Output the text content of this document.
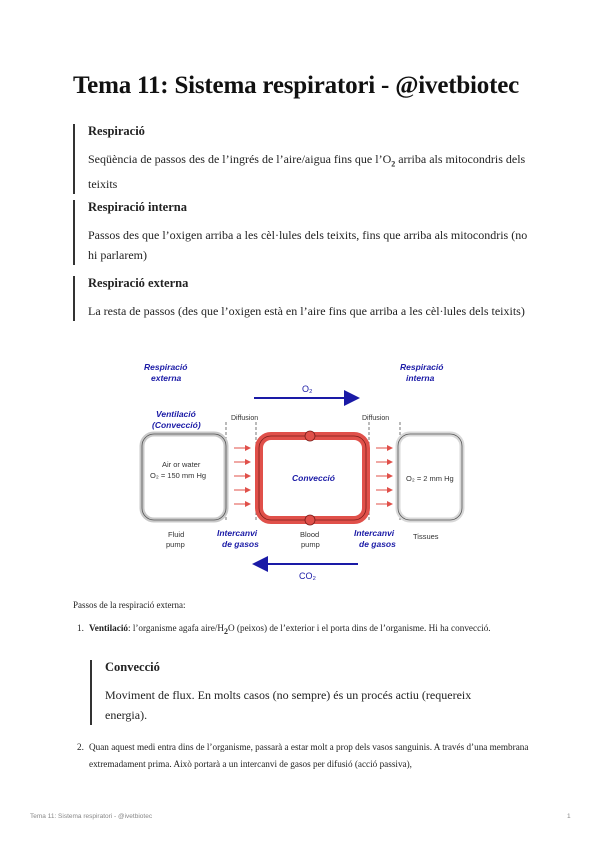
Tema 11: Sistema respiratori - @ivetbiotec

Respiració

Seqüència de passos des de l’ingrés de l’aire/aigua fins que $l’O_2$ arriba als mitocondris dels teixits

Respiració interna

Passos des que l’oxigen arriba a les cèl·lules dels teixits, fins que arriba als mitocondris (no hi parlarem)

Respiració externa

La resta de passos (des que l’oxigen està en l’aire fins que arriba a les cèl·lules dels teixits)

Respiració
externa
Respiració
interna
O₂
Ventilació
(Convecció)
Diffusion	Diffusion
Air or water
O₂ = 150 mm Hg	Convecció	O₂ = 2 mm Hg
Fluid
pump
Intercanvi
de gasos
Blood
pump
Intercanvi
de gasos
Tissues
CO₂

Passos de la respiració externa:

1. Ventilació: l’organisme agafa aire/$H_2O$ (peixos) de l’exterior i el porta dins de l’organisme. Hi ha convecció.

Convecció

Moviment de flux. En molts casos (no sempre) és un procés actiu (requereix energia).

2. Quan aquest medi entra dins de l’organisme, passarà a estar molt a prop dels vasos sanguinis. A través d’una membrana extremadament prima. Això portarà a un intercanvi de gasos per difusió (acció passiva),
Tema 11: Sistema respiratori - @ivetbiotec	1
